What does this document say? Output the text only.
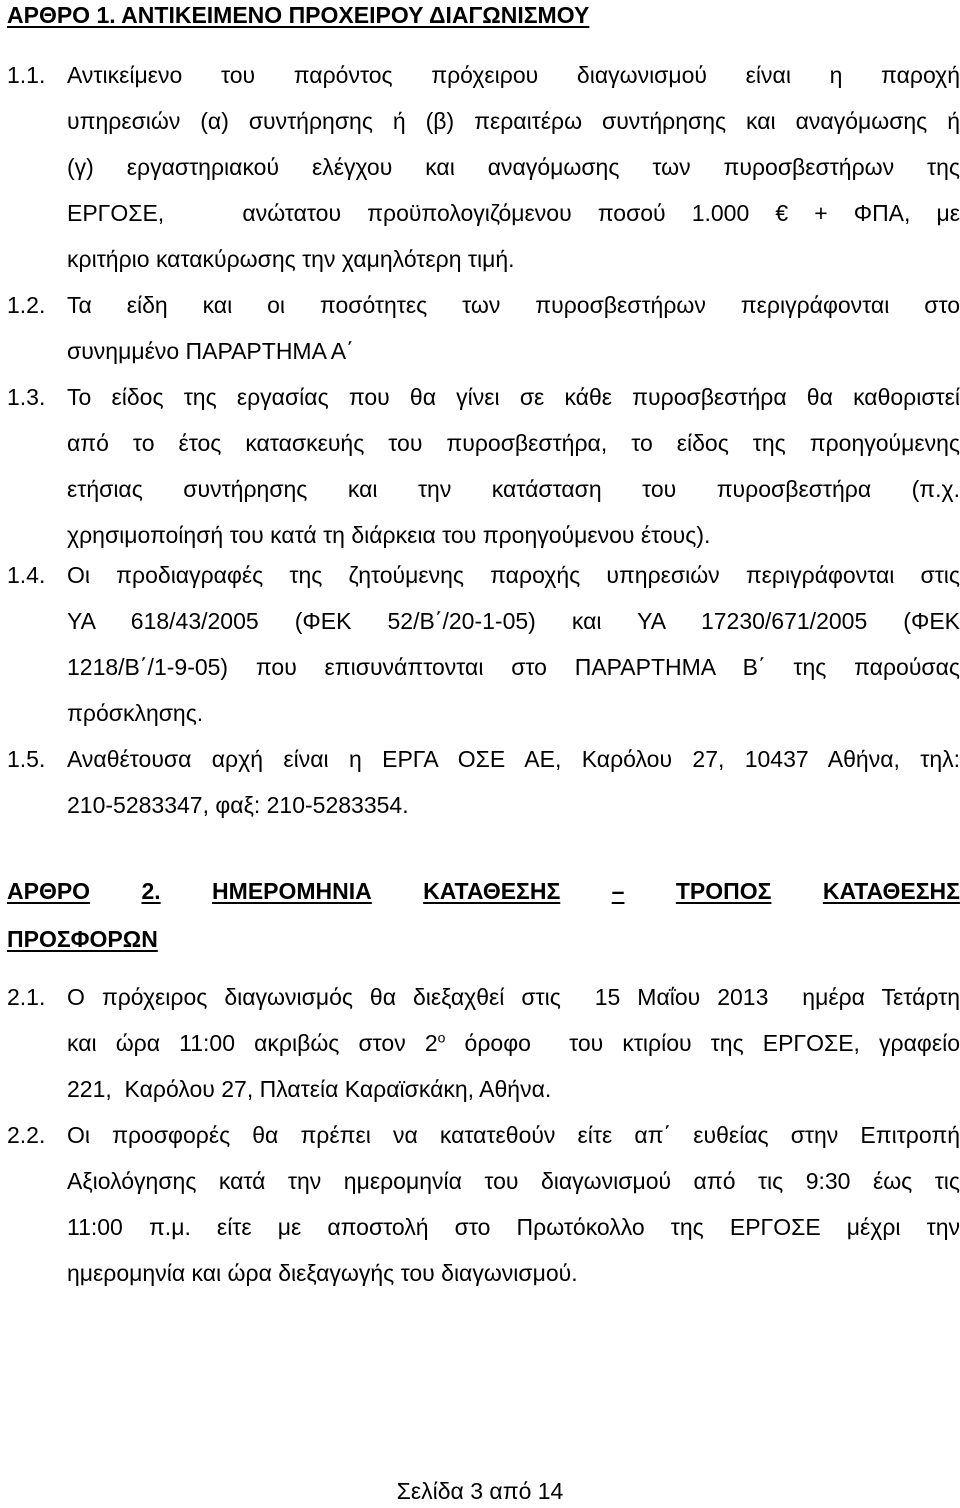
ΑΡΘΡΟ 1. ΑΝΤΙΚΕΙΜΕΝΟ ΠΡΟΧΕΙΡΟΥ ΔΙΑΓΩΝΙΣΜΟΥ
1.1. Αντικείμενο του παρόντος πρόχειρου διαγωνισμού είναι η παροχή
υπηρεσιών (α) συντήρησης ή (β) περαιτέρω συντήρησης και αναγόμωσης ή
(γ) εργαστηριακού ελέγχου και αναγόμωσης των πυροσβεστήρων της
ΕΡΓΟΣΕ,   ανώτατου προϋπολογιζόμενου ποσού 1.000 € + ΦΠΑ, με
κριτήριο κατακύρωσης την χαμηλότερη τιμή.
1.2. Τα είδη και οι ποσότητες των πυροσβεστήρων περιγράφονται στο
συνημμένο ΠΑΡΑΡΤΗΜΑ Α΄
1.3. Το είδος της εργασίας που θα γίνει σε κάθε πυροσβεστήρα θα καθοριστεί
από το έτος κατασκευής του πυροσβεστήρα, το είδος της προηγούμενης
ετήσιας συντήρησης και την κατάσταση του πυροσβεστήρα (π.χ.
χρησιμοποίησή του κατά τη διάρκεια του προηγούμενου έτους).
1.4. Οι προδιαγραφές της ζητούμενης παροχής υπηρεσιών περιγράφονται στις
ΥΑ 618/43/2005 (ΦΕΚ 52/Β΄/20-1-05) και ΥΑ 17230/671/2005 (ΦΕΚ
1218/Β΄/1-9-05) που επισυνάπτονται στο ΠΑΡΑΡΤΗΜΑ Β΄ της παρούσας
πρόσκλησης.
1.5. Αναθέτουσα αρχή είναι η ΕΡΓΑ ΟΣΕ ΑΕ, Καρόλου 27, 10437 Αθήνα, τηλ:
210-5283347, φαξ: 210-5283354.
ΑΡΘΡΟ 2. ΗΜΕΡΟΜΗΝΙΑ ΚΑΤΑΘΕΣΗΣ – ΤΡΟΠΟΣ ΚΑΤΑΘΕΣΗΣ
ΠΡΟΣΦΟΡΩΝ
2.1. Ο πρόχειρος διαγωνισμός θα διεξαχθεί στις  15 Μαΐου 2013  ημέρα Τετάρτη
και ώρα 11:00 ακριβώς στον $2^o$ όροφο  του κτιρίου της ΕΡΓΟΣΕ, γραφείο
221,  Καρόλου 27, Πλατεία Καραϊσκάκη, Αθήνα.
2.2. Οι προσφορές θα πρέπει να κατατεθούν είτε απ΄ ευθείας στην Επιτροπή
Αξιολόγησης κατά την ημερομηνία του διαγωνισμού από τις 9:30 έως τις
11:00 π.μ. είτε με αποστολή στο Πρωτόκολλο της ΕΡΓΟΣΕ μέχρι την
ημερομηνία και ώρα διεξαγωγής του διαγωνισμού.
Σελίδα 3 από 14
